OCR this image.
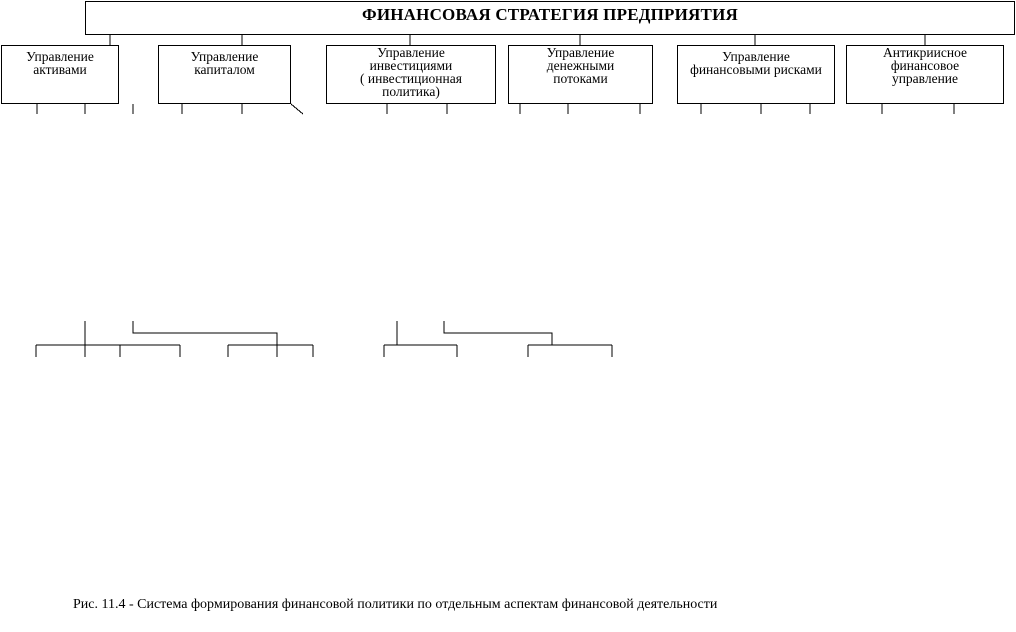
ФИНАНСОВАЯ СТРАТЕГИЯ ПРЕДПРИЯТИЯ
Управление
активами
Управление
капиталом
Управление
инвестициями
( инвестиционная
политика)
Управление
денежными
потоками
Управление
финансовыми рисками
Антикриисное
финансовое
управление
Рис. 11.4 - Система формирования финансовой политики по отдельным аспектам финансовой деятельности
